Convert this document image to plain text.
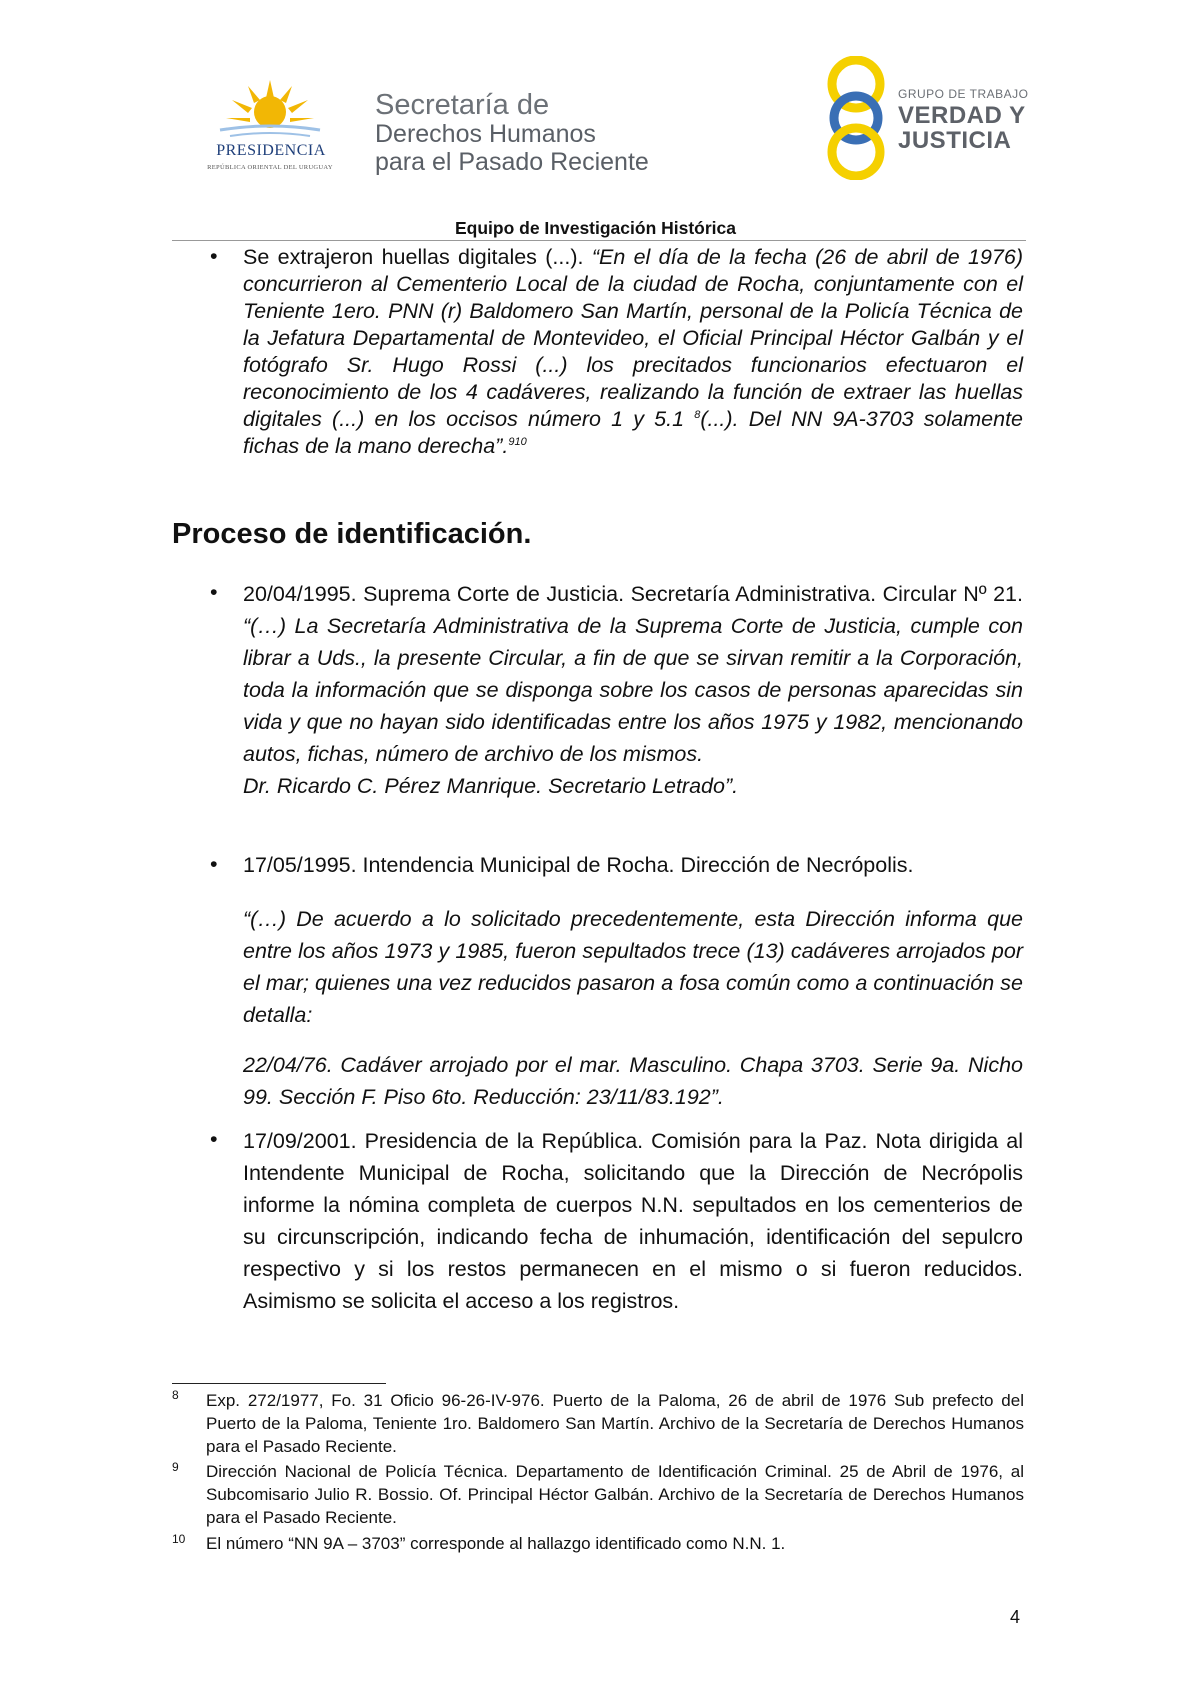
PRESIDENCIA
REPÚBLICA ORIENTAL DEL URUGUAY
Secretaría de
Derechos Humanos
para el Pasado Reciente
GRUPO DE TRABAJO
VERDAD Y
JUSTICIA
Equipo de Investigación Histórica
• Se extrajeron huellas digitales (...). “En el día de la fecha (26 de abril de 1976) concurrieron al Cementerio Local de la ciudad de Rocha, conjuntamente con el Teniente 1ero. PNN (r) Baldomero San Martín, personal de la Policía Técnica de la Jefatura Departamental de Montevideo, el Oficial Principal Héctor Galbán y el fotógrafo Sr. Hugo Rossi (...) los precitados funcionarios efectuaron el reconocimiento de los 4 cadáveres, realizando la función de extraer las huellas digitales (...) en los occisos número 1 y 5.1 $^8$(...). Del NN 9A-3703 solamente fichas de la mano derecha”.$^{910}$
Proceso de identificación.
• 20/04/1995. Suprema Corte de Justicia. Secretaría Administrativa. Circular Nº 21. “(…) La Secretaría Administrativa de la Suprema Corte de Justicia, cumple con librar a Uds., la presente Circular, a fin de que se sirvan remitir a la Corporación, toda la información que se disponga sobre los casos de personas aparecidas sin vida y que no hayan sido identificadas entre los años 1975 y 1982, mencionando autos, fichas, número de archivo de los mismos.
Dr. Ricardo C. Pérez Manrique. Secretario Letrado”.
• 17/05/1995. Intendencia Municipal de Rocha. Dirección de Necrópolis.
“(…) De acuerdo a lo solicitado precedentemente, esta Dirección informa que entre los años 1973 y 1985, fueron sepultados trece (13) cadáveres arrojados por el mar; quienes una vez reducidos pasaron a fosa común como a continuación se detalla:
22/04/76. Cadáver arrojado por el mar. Masculino. Chapa 3703. Serie 9a. Nicho 99. Sección F. Piso 6to. Reducción: 23/11/83.192”.
• 17/09/2001. Presidencia de la República. Comisión para la Paz. Nota dirigida al Intendente Municipal de Rocha, solicitando que la Dirección de Necrópolis informe la nómina completa de cuerpos N.N. sepultados en los cementerios de su circunscripción, indicando fecha de inhumación, identificación del sepulcro respectivo y si los restos permanecen en el mismo o si fueron reducidos. Asimismo se solicita el acceso a los registros.
8 Exp. 272/1977, Fo. 31 Oficio 96-26-IV-976. Puerto de la Paloma, 26 de abril de 1976 Sub prefecto del Puerto de la Paloma, Teniente 1ro. Baldomero San Martín. Archivo de la Secretaría de Derechos Humanos para el Pasado Reciente.
9 Dirección Nacional de Policía Técnica. Departamento de Identificación Criminal. 25 de Abril de 1976, al Subcomisario Julio R. Bossio. Of. Principal Héctor Galbán. Archivo de la Secretaría de Derechos Humanos para el Pasado Reciente.
10 El número “NN 9A – 3703” corresponde al hallazgo identificado como N.N. 1.
4
